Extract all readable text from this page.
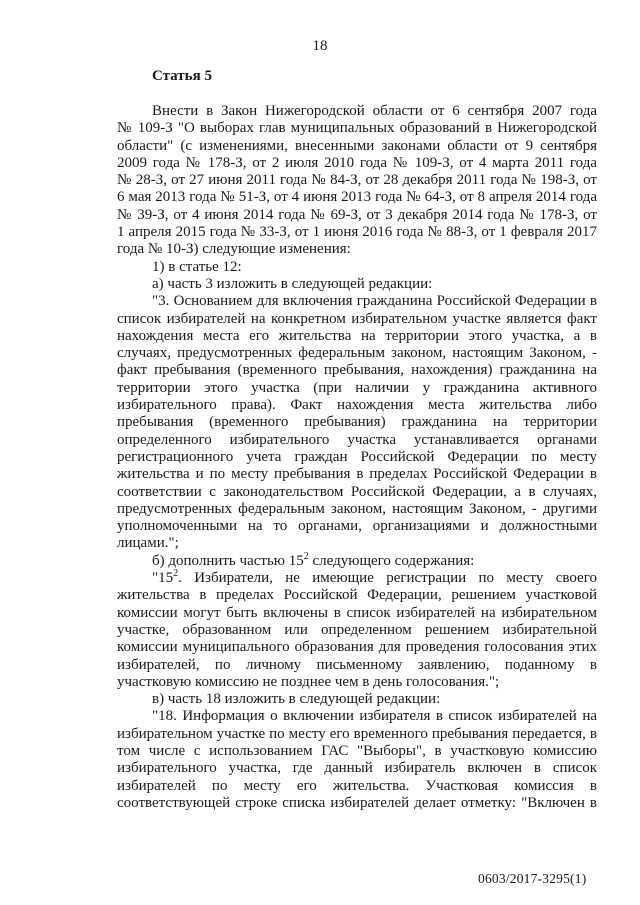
18
Статья 5
Внести в Закон Нижегородской области от 6 сентября 2007 года
№ 109-З "О выборах глав муниципальных образований в Нижегородской
области" (с изменениями, внесенными законами области от 9 сентября
2009 года № 178-З, от 2 июля 2010 года № 109-З, от 4 марта 2011 года
№ 28-З, от 27 июня 2011 года № 84-З, от 28 декабря 2011 года № 198-З, от
6 мая 2013 года № 51-З, от 4 июня 2013 года № 64-З, от 8 апреля 2014 года
№ 39-З, от 4 июня 2014 года № 69-З, от 3 декабря 2014 года № 178-З, от
1 апреля 2015 года № 33-З, от 1 июня 2016 года № 88-З, от 1 февраля 2017
года № 10-З) следующие изменения:
1) в статье 12:
а) часть 3 изложить в следующей редакции:
"3. Основанием для включения гражданина Российской Федерации в
список избирателей на конкретном избирательном участке является факт
нахождения места его жительства на территории этого участка, а в
случаях, предусмотренных федеральным законом, настоящим Законом, -
факт пребывания (временного пребывания, нахождения) гражданина на
территории этого участка (при наличии у гражданина активного
избирательного права). Факт нахождения места жительства либо
пребывания (временного пребывания) гражданина на территории
определенного избирательного участка устанавливается органами
регистрационного учета граждан Российской Федерации по месту
жительства и по месту пребывания в пределах Российской Федерации в
соответствии с законодательством Российской Федерации, а в случаях,
предусмотренных федеральным законом, настоящим Законом, - другими
уполномоченными на то органами, организациями и должностными
лицами.";
б) дополнить частью $15^2$ следующего содержания:
"$15^2$. Избиратели, не имеющие регистрации по месту своего
жительства в пределах Российской Федерации, решением участковой
комиссии могут быть включены в список избирателей на избирательном
участке, образованном или определенном решением избирательной
комиссии муниципального образования для проведения голосования этих
избирателей, по личному письменному заявлению, поданному в
участковую комиссию не позднее чем в день голосования.";
в) часть 18 изложить в следующей редакции:
"18. Информация о включении избирателя в список избирателей на
избирательном участке по месту его временного пребывания передается, в
том числе с использованием ГАС "Выборы", в участковую комиссию
избирательного участка, где данный избиратель включен в список
избирателей по месту его жительства. Участковая комиссия в
соответствующей строке списка избирателей делает отметку: "Включен в
0603/2017-3295(1)
